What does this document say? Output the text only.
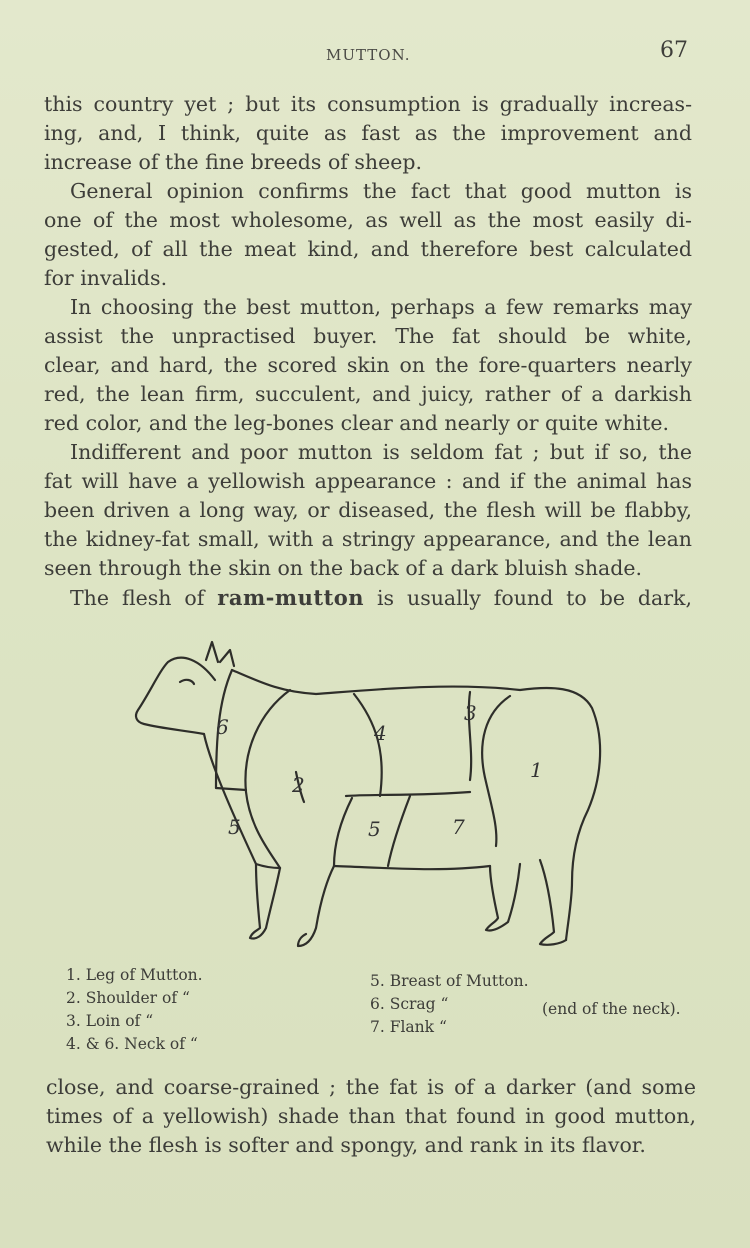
MUTTON.	67
this country yet ; but its consumption is gradually increas-
ing, and, I think, quite as fast as the improvement and
increase of the fine breeds of sheep.
General opinion confirms the fact that good mutton is
one of the most wholesome, as well as the most easily di-
gested, of all the meat kind, and therefore best calculated
for invalids.
In choosing the best mutton, perhaps a few remarks may
assist the unpractised buyer. The fat should be white,
clear, and hard, the scored skin on the fore-quarters nearly
red, the lean firm, succulent, and juicy, rather of a darkish
red color, and the leg-bones clear and nearly or quite white.
Indifferent and poor mutton is seldom fat ; but if so, the
fat will have a yellowish appearance : and if the animal has
been driven a long way, or diseased, the flesh will be flabby,
the kidney-fat small, with a stringy appearance, and the lean
seen through the skin on the back of a dark bluish shade.
The flesh of ram-mutton is usually found to be dark,
1
2
3
4
5	5
6
7
1. Leg of Mutton.
2. Shoulder of “
3. Loin of “
4. & 6. Neck of “
5. Breast of Mutton.
6. Scrag “
7. Flank “
(end of the neck).
close, and coarse-grained ; the fat is of a darker (and some
times of a yellowish) shade than that found in good mutton,
while the flesh is softer and spongy, and rank in its flavor.
